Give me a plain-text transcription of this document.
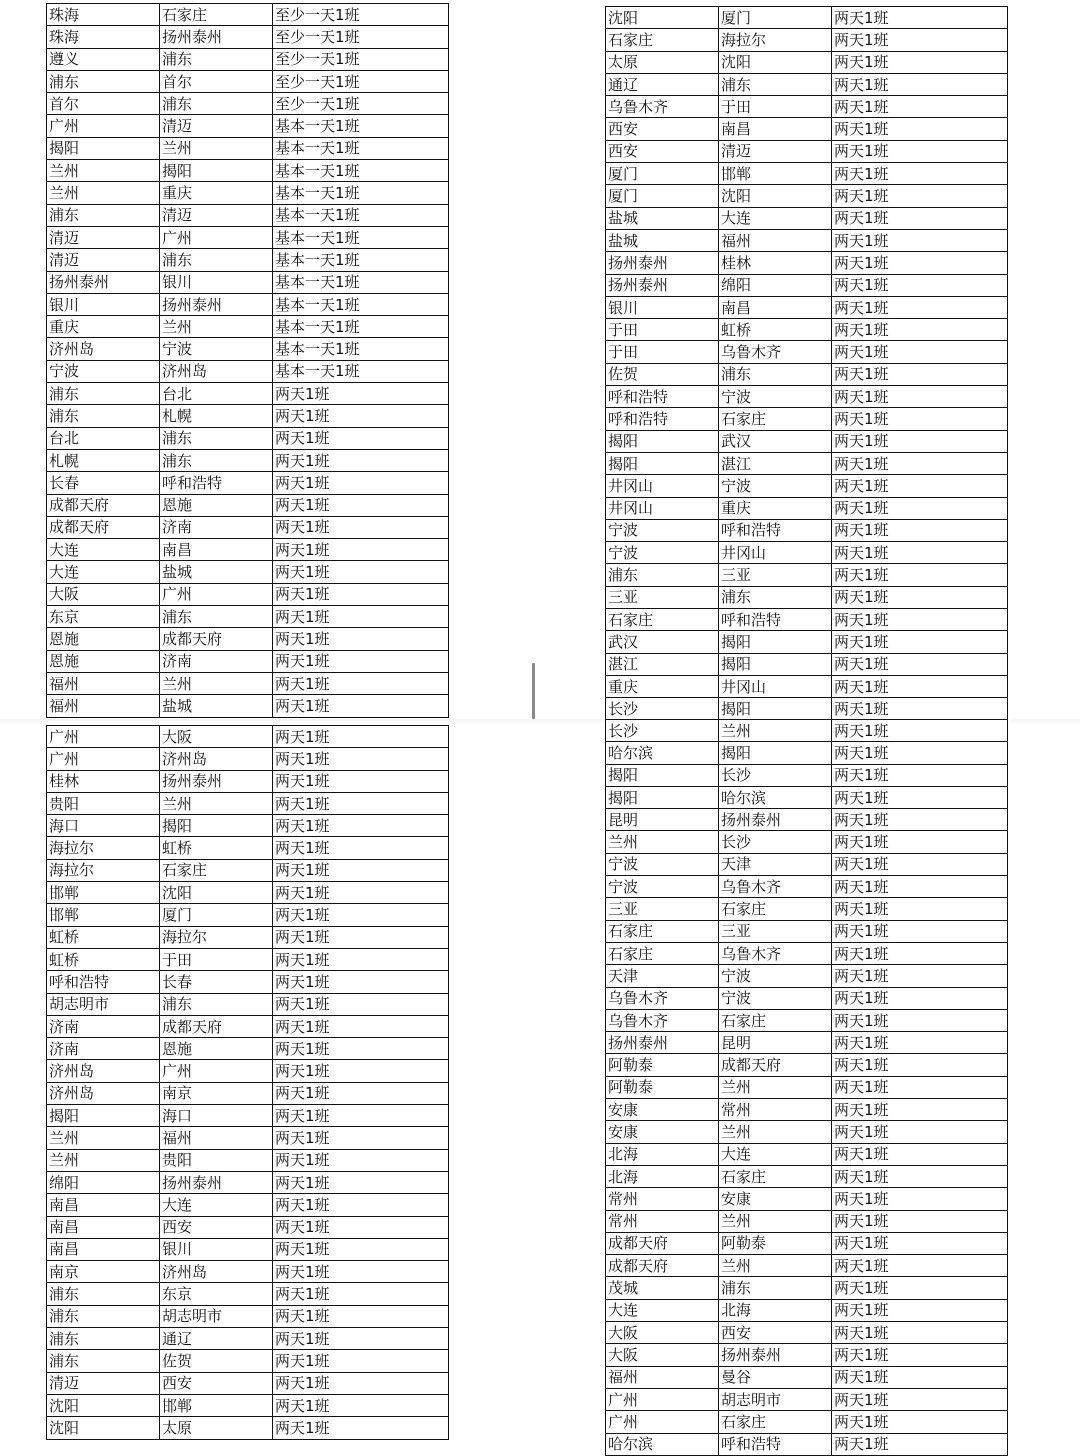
珠海	石家庄	至少一天1班
珠海	扬州泰州	至少一天1班
遵义	浦东	至少一天1班
浦东	首尔	至少一天1班
首尔	浦东	至少一天1班
广州	清迈	基本一天1班
揭阳	兰州	基本一天1班
兰州	揭阳	基本一天1班
兰州	重庆	基本一天1班
浦东	清迈	基本一天1班
清迈	广州	基本一天1班
清迈	浦东	基本一天1班
扬州泰州	银川	基本一天1班
银川	扬州泰州	基本一天1班
重庆	兰州	基本一天1班
济州岛	宁波	基本一天1班
宁波	济州岛	基本一天1班
浦东	台北	两天1班
浦东	札幌	两天1班
台北	浦东	两天1班
札幌	浦东	两天1班
长春	呼和浩特	两天1班
成都天府	恩施	两天1班
成都天府	济南	两天1班
大连	南昌	两天1班
大连	盐城	两天1班
大阪	广州	两天1班
东京	浦东	两天1班
恩施	成都天府	两天1班
恩施	济南	两天1班
福州	兰州	两天1班
福州	盐城	两天1班
沈阳	厦门	两天1班
石家庄	海拉尔	两天1班
太原	沈阳	两天1班
通辽	浦东	两天1班
乌鲁木齐	于田	两天1班
西安	南昌	两天1班
西安	清迈	两天1班
厦门	邯郸	两天1班
厦门	沈阳	两天1班
盐城	大连	两天1班
盐城	福州	两天1班
扬州泰州	桂林	两天1班
扬州泰州	绵阳	两天1班
银川	南昌	两天1班
于田	虹桥	两天1班
于田	乌鲁木齐	两天1班
佐贺	浦东	两天1班
呼和浩特	宁波	两天1班
呼和浩特	石家庄	两天1班
揭阳	武汉	两天1班
揭阳	湛江	两天1班
井冈山	宁波	两天1班
井冈山	重庆	两天1班
宁波	呼和浩特	两天1班
宁波	井冈山	两天1班
浦东	三亚	两天1班
三亚	浦东	两天1班
石家庄	呼和浩特	两天1班
武汉	揭阳	两天1班
湛江	揭阳	两天1班
重庆	井冈山	两天1班
长沙	揭阳	两天1班
广州	大阪	两天1班
广州	济州岛	两天1班
桂林	扬州泰州	两天1班
贵阳	兰州	两天1班
海口	揭阳	两天1班
海拉尔	虹桥	两天1班
海拉尔	石家庄	两天1班
邯郸	沈阳	两天1班
邯郸	厦门	两天1班
虹桥	海拉尔	两天1班
虹桥	于田	两天1班
呼和浩特	长春	两天1班
胡志明市	浦东	两天1班
济南	成都天府	两天1班
济南	恩施	两天1班
济州岛	广州	两天1班
济州岛	南京	两天1班
揭阳	海口	两天1班
兰州	福州	两天1班
兰州	贵阳	两天1班
绵阳	扬州泰州	两天1班
南昌	大连	两天1班
南昌	西安	两天1班
南昌	银川	两天1班
南京	济州岛	两天1班
浦东	东京	两天1班
浦东	胡志明市	两天1班
浦东	通辽	两天1班
浦东	佐贺	两天1班
清迈	西安	两天1班
沈阳	邯郸	两天1班
沈阳	太原	两天1班
长沙	兰州	两天1班
哈尔滨	揭阳	两天1班
揭阳	长沙	两天1班
揭阳	哈尔滨	两天1班
昆明	扬州泰州	两天1班
兰州	长沙	两天1班
宁波	天津	两天1班
宁波	乌鲁木齐	两天1班
三亚	石家庄	两天1班
石家庄	三亚	两天1班
石家庄	乌鲁木齐	两天1班
天津	宁波	两天1班
乌鲁木齐	宁波	两天1班
乌鲁木齐	石家庄	两天1班
扬州泰州	昆明	两天1班
阿勒泰	成都天府	两天1班
阿勒泰	兰州	两天1班
安康	常州	两天1班
安康	兰州	两天1班
北海	大连	两天1班
北海	石家庄	两天1班
常州	安康	两天1班
常州	兰州	两天1班
成都天府	阿勒泰	两天1班
成都天府	兰州	两天1班
茂城	浦东	两天1班
大连	北海	两天1班
大阪	西安	两天1班
大阪	扬州泰州	两天1班
福州	曼谷	两天1班
广州	胡志明市	两天1班
广州	石家庄	两天1班
哈尔滨	呼和浩特	两天1班
